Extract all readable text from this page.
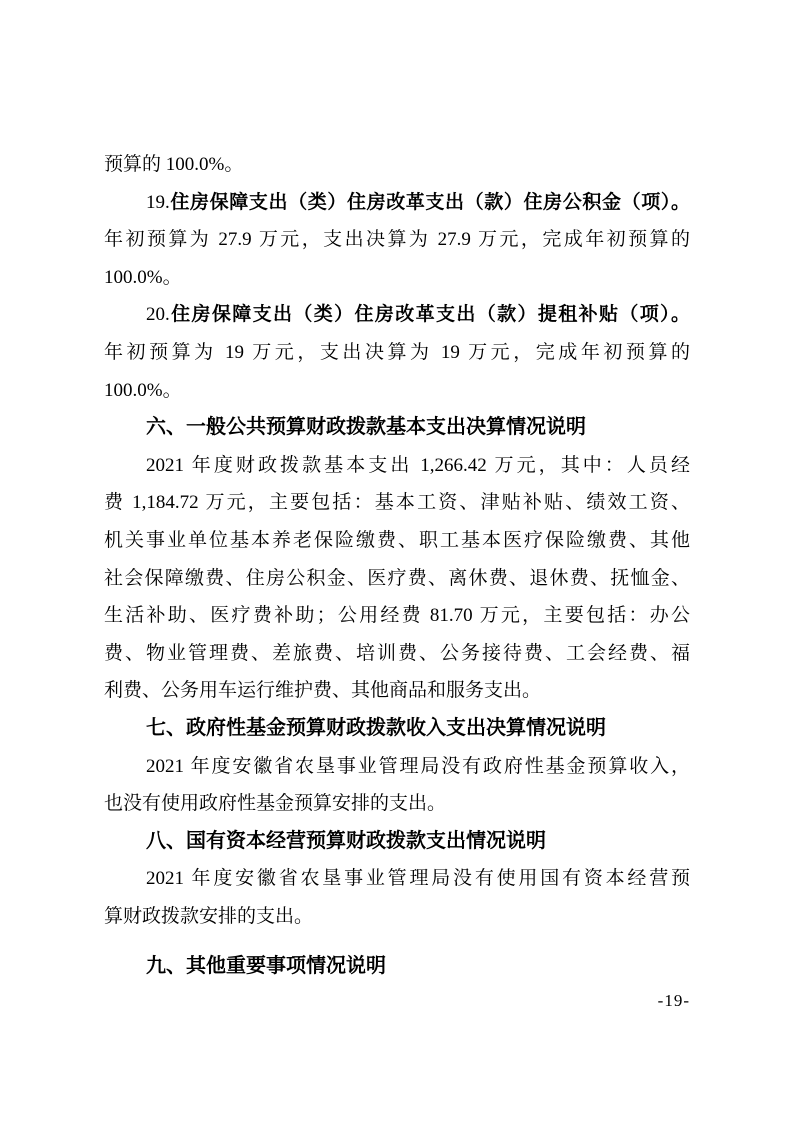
预算的 100.0%。
19.住房保障支出（类）住房改革支出（款）住房公积金（项）。
年初预算为 27.9 万元，支出决算为 27.9 万元，完成年初预算的
100.0%。
20.住房保障支出（类）住房改革支出（款）提租补贴（项）。
年初预算为 19 万元，支出决算为 19 万元，完成年初预算的
100.0%。
六、一般公共预算财政拨款基本支出决算情况说明
2021 年度财政拨款基本支出 1,266.42 万元，其中：人员经
费 1,184.72 万元，主要包括：基本工资、津贴补贴、绩效工资、
机关事业单位基本养老保险缴费、职工基本医疗保险缴费、其他
社会保障缴费、住房公积金、医疗费、离休费、退休费、抚恤金、
生活补助、医疗费补助；公用经费 81.70 万元，主要包括：办公
费、物业管理费、差旅费、培训费、公务接待费、工会经费、福
利费、公务用车运行维护费、其他商品和服务支出。
七、政府性基金预算财政拨款收入支出决算情况说明
2021 年度安徽省农垦事业管理局没有政府性基金预算收入，
也没有使用政府性基金预算安排的支出。
八、国有资本经营预算财政拨款支出情况说明
2021 年度安徽省农垦事业管理局没有使用国有资本经营预
算财政拨款安排的支出。
九、其他重要事项情况说明
-19-
